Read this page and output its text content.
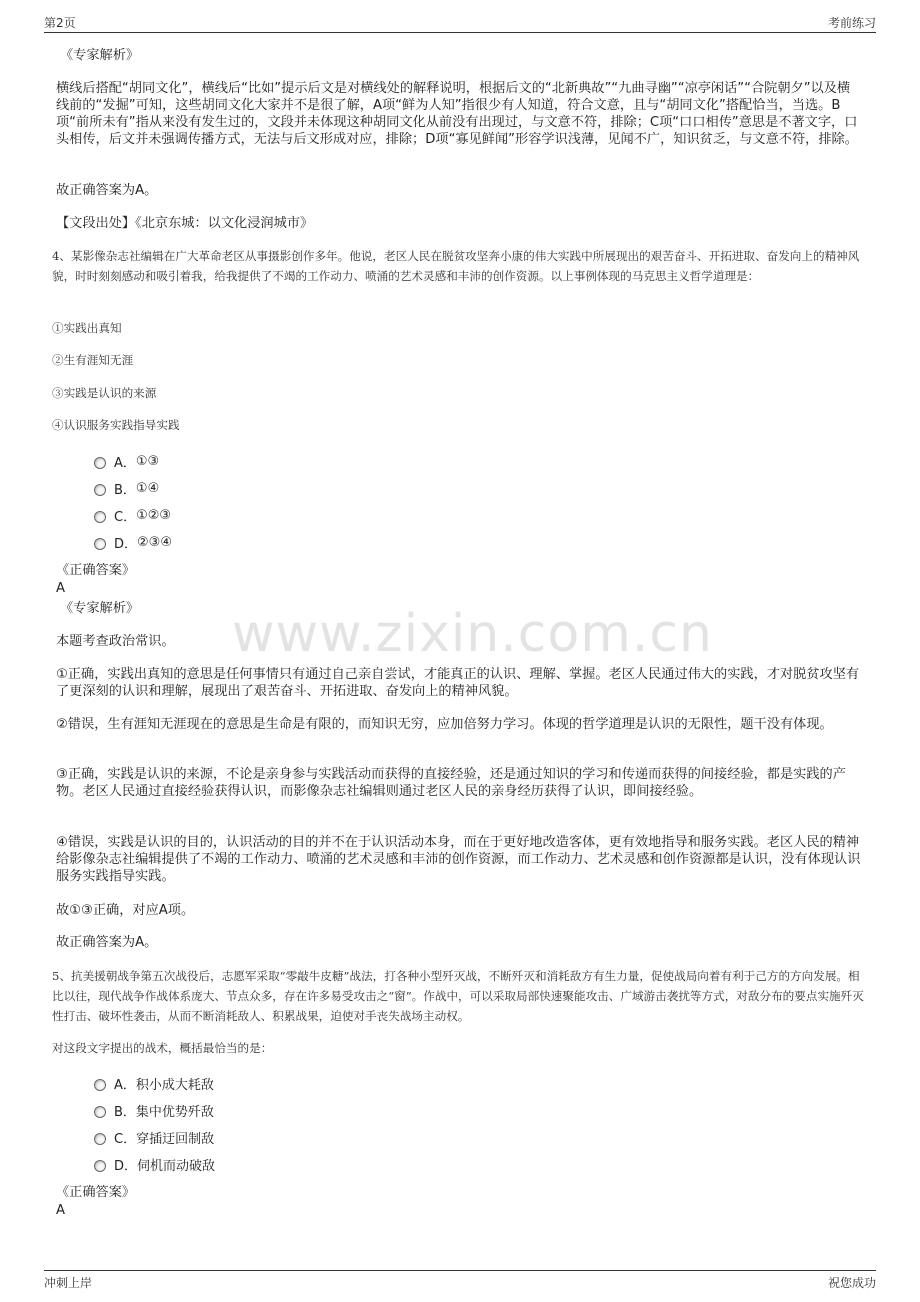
第2页	考前练习
www.zixin.com.cn
《专家解析》
横线后搭配“胡同文化”，横线后“比如”提示后文是对横线处的解释说明，根据后文的“北新典故”“九曲寻幽”“凉亭闲话”“合院朝夕”以及横线前的“发掘”可知，这些胡同文化大家并不是很了解，A项“鲜为人知”指很少有人知道，符合文意，且与“胡同文化”搭配恰当，当选。B项“前所未有”指从来没有发生过的，文段并未体现这种胡同文化从前没有出现过，与文意不符，排除；C项“口口相传”意思是不著文字，口头相传，后文并未强调传播方式，无法与后文形成对应，排除；D项“寡见鲜闻”形容学识浅薄，见闻不广，知识贫乏，与文意不符，排除。
故正确答案为A。
【文段出处】《北京东城：以文化浸润城市》
4、某影像杂志社编辑在广大革命老区从事摄影创作多年。他说，老区人民在脱贫攻坚奔小康的伟大实践中所展现出的艰苦奋斗、开拓进取、奋发向上的精神风貌，时时刻刻感动和吸引着我，给我提供了不竭的工作动力、喷涌的艺术灵感和丰沛的创作资源。以上事例体现的马克思主义哲学道理是：
①实践出真知
②生有涯知无涯
③实践是认识的来源
④认识服务实践指导实践
A． ①③
B． ①④
C． ①②③
D． ②③④
《正确答案》
A
《专家解析》
本题考查政治常识。
①正确，实践出真知的意思是任何事情只有通过自己亲自尝试，才能真正的认识、理解、掌握。老区人民通过伟大的实践，才对脱贫攻坚有了更深刻的认识和理解，展现出了艰苦奋斗、开拓进取、奋发向上的精神风貌。
②错误，生有涯知无涯现在的意思是生命是有限的，而知识无穷，应加倍努力学习。体现的哲学道理是认识的无限性，题干没有体现。
③正确，实践是认识的来源，不论是亲身参与实践活动而获得的直接经验，还是通过知识的学习和传递而获得的间接经验，都是实践的产物。老区人民通过直接经验获得认识，而影像杂志社编辑则通过老区人民的亲身经历获得了认识，即间接经验。
④错误，实践是认识的目的，认识活动的目的并不在于认识活动本身，而在于更好地改造客体，更有效地指导和服务实践。老区人民的精神给影像杂志社编辑提供了不竭的工作动力、喷涌的艺术灵感和丰沛的创作资源，而工作动力、艺术灵感和创作资源都是认识，没有体现认识服务实践指导实践。
故①③正确，对应A项。
故正确答案为A。
5、抗美援朝战争第五次战役后，志愿军采取“零敲牛皮糖”战法，打各种小型歼灭战，不断歼灭和消耗敌方有生力量，促使战局向着有利于己方的方向发展。相比以往，现代战争作战体系庞大、节点众多，存在许多易受攻击之“窗”。作战中，可以采取局部快速聚能攻击、广域游击袭扰等方式，对敌分布的要点实施歼灭性打击、破坏性袭击，从而不断消耗敌人、积累战果，迫使对手丧失战场主动权。
对这段文字提出的战术，概括最恰当的是：
A． 积小成大耗敌
B． 集中优势歼敌
C． 穿插迂回制敌
D． 伺机而动破敌
《正确答案》
A
冲刺上岸	祝您成功
